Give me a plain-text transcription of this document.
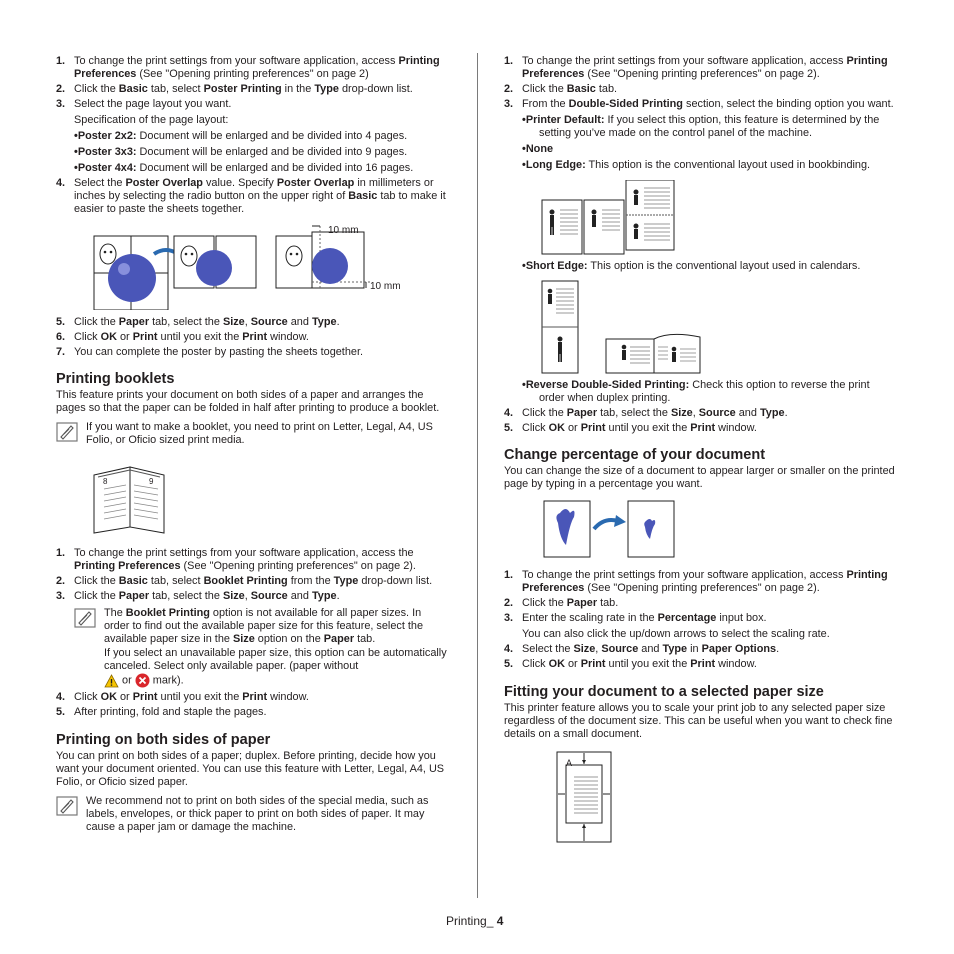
1. To change the print settings from your software application, access Printing Preferences (See "Opening printing preferences" on page 2)
2. Click the Basic tab, select Poster Printing in the Type drop-down list.
3. Select the page layout you want.
Specification of the page layout:
•Poster 2x2: Document will be enlarged and be divided into 4 pages.
•Poster 3x3: Document will be enlarged and be divided into 9 pages.
•Poster 4x4: Document will be enlarged and be divided into 16 pages.
4. Select the Poster Overlap value. Specify Poster Overlap in millimeters or inches by selecting the radio button on the upper right of Basic tab to make it easier to paste the sheets together.
10 mm
10 mm
5. Click the Paper tab, select the Size, Source and Type.
6. Click OK or Print until you exit the Print window.
7. You can complete the poster by pasting the sheets together.
Printing booklets
This feature prints your document on both sides of a paper and arranges the pages so that the paper can be folded in half after printing to produce a booklet.
If you want to make a booklet, you need to print on Letter, Legal, A4, US Folio, or Oficio sized print media.
8	9
1. To change the print settings from your software application, access the Printing Preferences (See "Opening printing preferences" on page 2).
2. Click the Basic tab, select Booklet Printing from the Type drop-down list.
3. Click the Paper tab, select the Size, Source and Type.
The Booklet Printing option is not available for all paper sizes. In order to find out the available paper size for this feature, select the available paper size in the Size option on the Paper tab.
If you select an unavailable paper size, this option can be automatically canceled. Select only available paper. (paper without
or  mark).
4. Click OK or Print until you exit the Print window.
5. After printing, fold and staple the pages.
Printing on both sides of paper
You can print on both sides of a paper; duplex. Before printing, decide how you want your document oriented. You can use this feature with Letter, Legal, A4, US Folio, or Oficio sized paper.
We recommend not to print on both sides of the special media, such as labels, envelopes, or thick paper to print on both sides of paper. It may cause a paper jam or damage the machine.
1. To change the print settings from your software application, access Printing Preferences (See "Opening printing preferences" on page 2).
2. Click the Basic tab.
3. From the Double-Sided Printing section, select the binding option you want.
•Printer Default: If you select this option, this feature is determined by the setting you’ve made on the control panel of the machine.
•None
•Long Edge: This option is the conventional layout used in bookbinding.
•Short Edge: This option is the conventional layout used in calendars.
•Reverse Double-Sided Printing: Check this option to reverse the print order when duplex printing.
4. Click the Paper tab, select the Size, Source and Type.
5. Click OK or Print until you exit the Print window.
Change percentage of your document
You can change the size of a document to appear larger or smaller on the printed page by typing in a percentage you want.
1. To change the print settings from your software application, access Printing Preferences (See "Opening printing preferences" on page 2).
2. Click the Paper tab.
3. Enter the scaling rate in the Percentage input box.
You can also click the up/down arrows to select the scaling rate.
4. Select the Size, Source and Type in Paper Options.
5. Click OK or Print until you exit the Print window.
Fitting your document to a selected paper size
This printer feature allows you to scale your print job to any selected paper size regardless of the document size. This can be useful when you want to check fine details on a small document.
A
Printing_ 4
